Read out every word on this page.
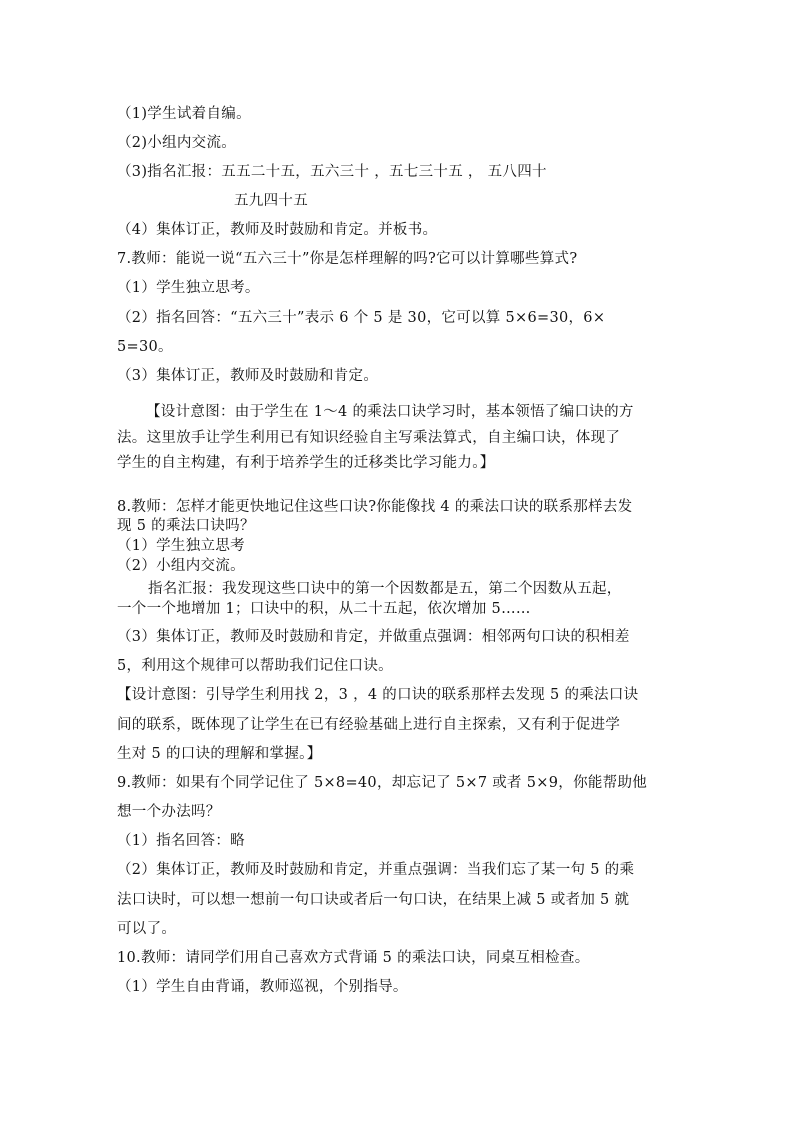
（1)学生试着自编。
（2)小组内交流。
（3)指名汇报：五五二十五，五六三十 ，五七三十五 ， 五八四十
五九四十五
（4）集体订正，教师及时鼓励和肯定。并板书。
7.教师：能说一说“五六三十”你是怎样理解的吗?它可以计算哪些算式?
（1）学生独立思考。
（2）指名回答：“五六三十”表示 6 个 5 是 30，它可以算 5×6=30，6×
5=30。
（3）集体订正，教师及时鼓励和肯定。
【设计意图：由于学生在 1～4 的乘法口诀学习时，基本领悟了编口诀的方
法。这里放手让学生利用已有知识经验自主写乘法算式，自主编口诀，体现了
学生的自主构建，有利于培养学生的迁移类比学习能力。】
8.教师：怎样才能更快地记住这些口诀?你能像找 4 的乘法口诀的联系那样去发
现 5 的乘法口诀吗？
（1）学生独立思考
（2）小组内交流。
指名汇报：我发现这些口诀中的第一个因数都是五，第二个因数从五起，
一个一个地增加 1；口诀中的积，从二十五起，依次增加 5……
（3）集体订正，教师及时鼓励和肯定，并做重点强调：相邻两句口诀的积相差
5，利用这个规律可以帮助我们记住口诀。
【设计意图：引导学生利用找 2，3 ，4 的口诀的联系那样去发现 5 的乘法口诀
间的联系，既体现了让学生在已有经验基础上进行自主探索，又有利于促进学
生对 5 的口诀的理解和掌握。】
9.教师：如果有个同学记住了 5×8=40，却忘记了 5×7 或者 5×9，你能帮助他
想一个办法吗？
（1）指名回答：略
（2）集体订正，教师及时鼓励和肯定，并重点强调：当我们忘了某一句 5 的乘
法口诀时，可以想一想前一句口诀或者后一句口诀，在结果上减 5 或者加 5 就
可以了。
10.教师：请同学们用自己喜欢方式背诵 5 的乘法口诀，同桌互相检查。
（1）学生自由背诵，教师巡视，个别指导。
